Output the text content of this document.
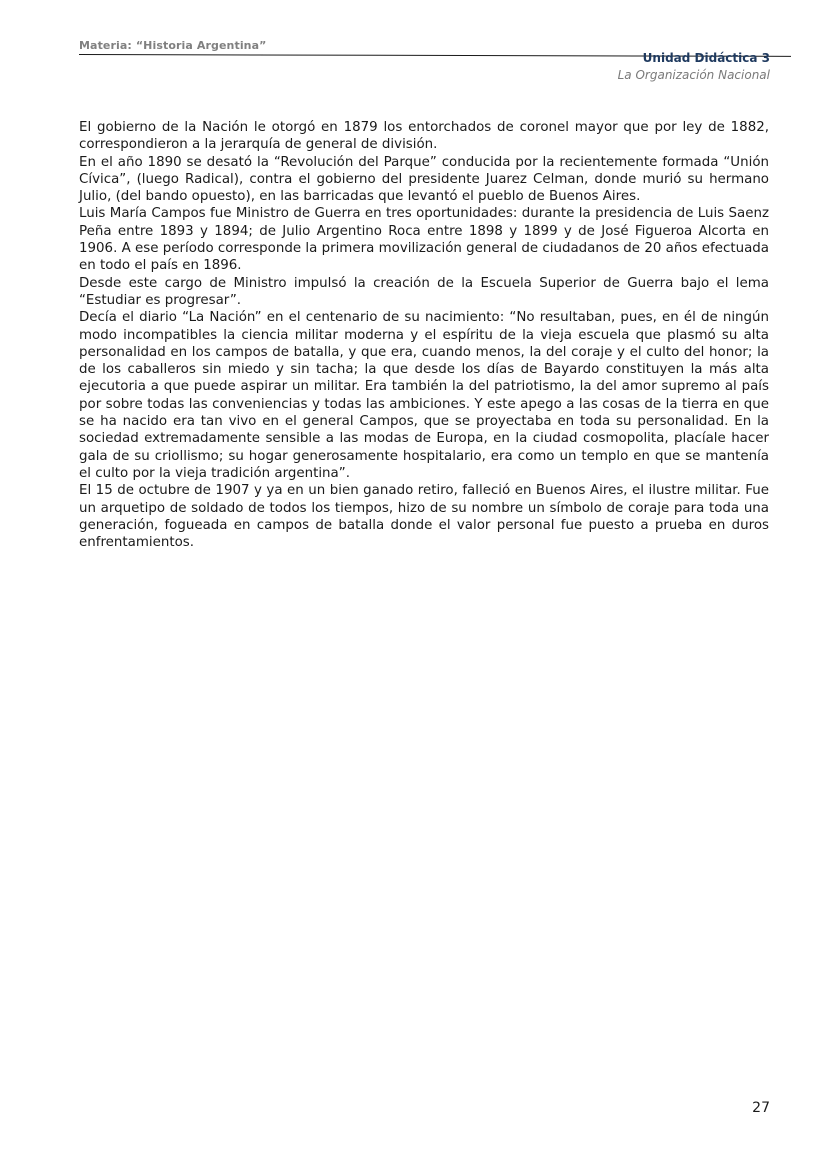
Materia: “Historia Argentina”
Unidad Didáctica 3
La Organización Nacional

El gobierno de la Nación le otorgó en 1879 los entorchados de coronel mayor que por ley de 1882, correspondieron a la jerarquía de general de división.

En el año 1890 se desató la “Revolución del Parque” conducida por la recientemente formada “Unión Cívica”, (luego Radical), contra el gobierno del presidente Juarez Celman, donde murió su hermano Julio, (del bando opuesto), en las barricadas que levantó el pueblo de Buenos Aires.

Luis María Campos fue Ministro de Guerra en tres oportunidades: durante la presidencia de Luis Saenz Peña entre 1893 y 1894; de Julio Argentino Roca entre 1898 y 1899 y de José Figueroa Alcorta en 1906. A ese período corresponde la primera movilización general de ciudadanos de 20 años efectuada en todo el país en 1896.

Desde este cargo de Ministro impulsó la creación de la Escuela Superior de Guerra bajo el lema “Estudiar es progresar”.

Decía el diario “La Nación” en el centenario de su nacimiento: “No resultaban, pues, en él de ningún modo incompatibles la ciencia militar moderna y el espíritu de la vieja escuela que plasmó su alta personalidad en los campos de batalla, y que era, cuando menos, la del coraje y el culto del honor; la de los caballeros sin miedo y sin tacha; la que desde los días de Bayardo constituyen la más alta ejecutoria a que puede aspirar un militar. Era también la del patriotismo, la del amor supremo al país por sobre todas las conveniencias y todas las ambiciones. Y este apego a las cosas de la tierra en que se ha nacido era tan vivo en el general Campos, que se proyectaba en toda su personalidad. En la sociedad extremadamente sensible a las modas de Europa, en la ciudad cosmopolita, placíale hacer gala de su criollismo; su hogar generosamente hospitalario, era como un templo en que se mantenía el culto por la vieja tradición argentina”.

El 15 de octubre de 1907 y ya en un bien ganado retiro, falleció en Buenos Aires, el ilustre militar. Fue un arquetipo de soldado de todos los tiempos, hizo de su nombre un símbolo de coraje para toda una generación, fogueada en campos de batalla donde el valor personal fue puesto a prueba en duros enfrentamientos.

27
